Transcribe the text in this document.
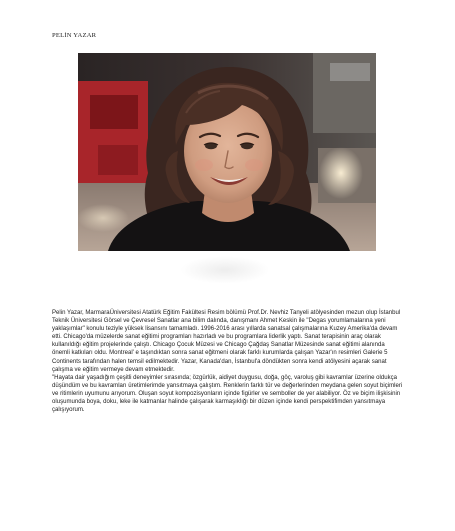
PELİN YAZAR

Pelin Yazar, MarmaraÜniversitesi Atatürk Eğitim Fakültesi Resim bölümü Prof.Dr. Nevhiz Tanyeli atölyesinden mezun olup İstanbul Teknik Üniversitesi Görsel ve Çevresel Sanatlar ana bilim dalında, danışmanı Ahmet Keskin ile "Degas yorumlamalarına yeni yaklaşımlar" konulu teziyle yüksek lisansını tamamladı. 1996-2016 arası yıllarda sanatsal çalışmalarına Kuzey Amerika'da devam etti. Chicago'da müzelerde sanat eğitimi programları hazırladı ve bu programlara liderlik yaptı. Sanat terapisinin araç olarak kullanıldığı eğitim projelerinde çalıştı. Chicago Çocuk Müzesi ve Chicago Çağdaş Sanatlar Müzesinde sanat eğitimi alanında önemli katkıları oldu. Montreal' e taşındıktan sonra sanat eğitmeni olarak farklı kurumlarda çalışan Yazar'ın resimleri Galerie 5 Continents tarafından halen temsil edilmektedir. Yazar, Kanada'dan, İstanbul'a döndükten sonra kendi atölyesini açarak sanat çalışma ve eğitim vermeye devam etmektedir.

"Hayata dair yaşadığım çeşitli deneyimler sırasında; özgürlük, aidiyet duygusu, doğa, göç, varoluş gibi kavramlar üzerine oldukça düşündüm ve bu kavramları üretimlerimde yansıtmaya çalıştım. Renklerin farklı tür ve değerlerinden meydana gelen soyut biçimleri ve ritimlerin uyumunu arıyorum. Oluşan soyut kompozisyonların içinde figürler ve semboller de yer alabiliyor. Öz ve biçim ilişkisinin oluşumunda boya, doku, leke ile katmanlar halinde çalışarak karmaşıklığı bir düzen içinde kendi perspektifimden yansıtmaya çalışıyorum.
